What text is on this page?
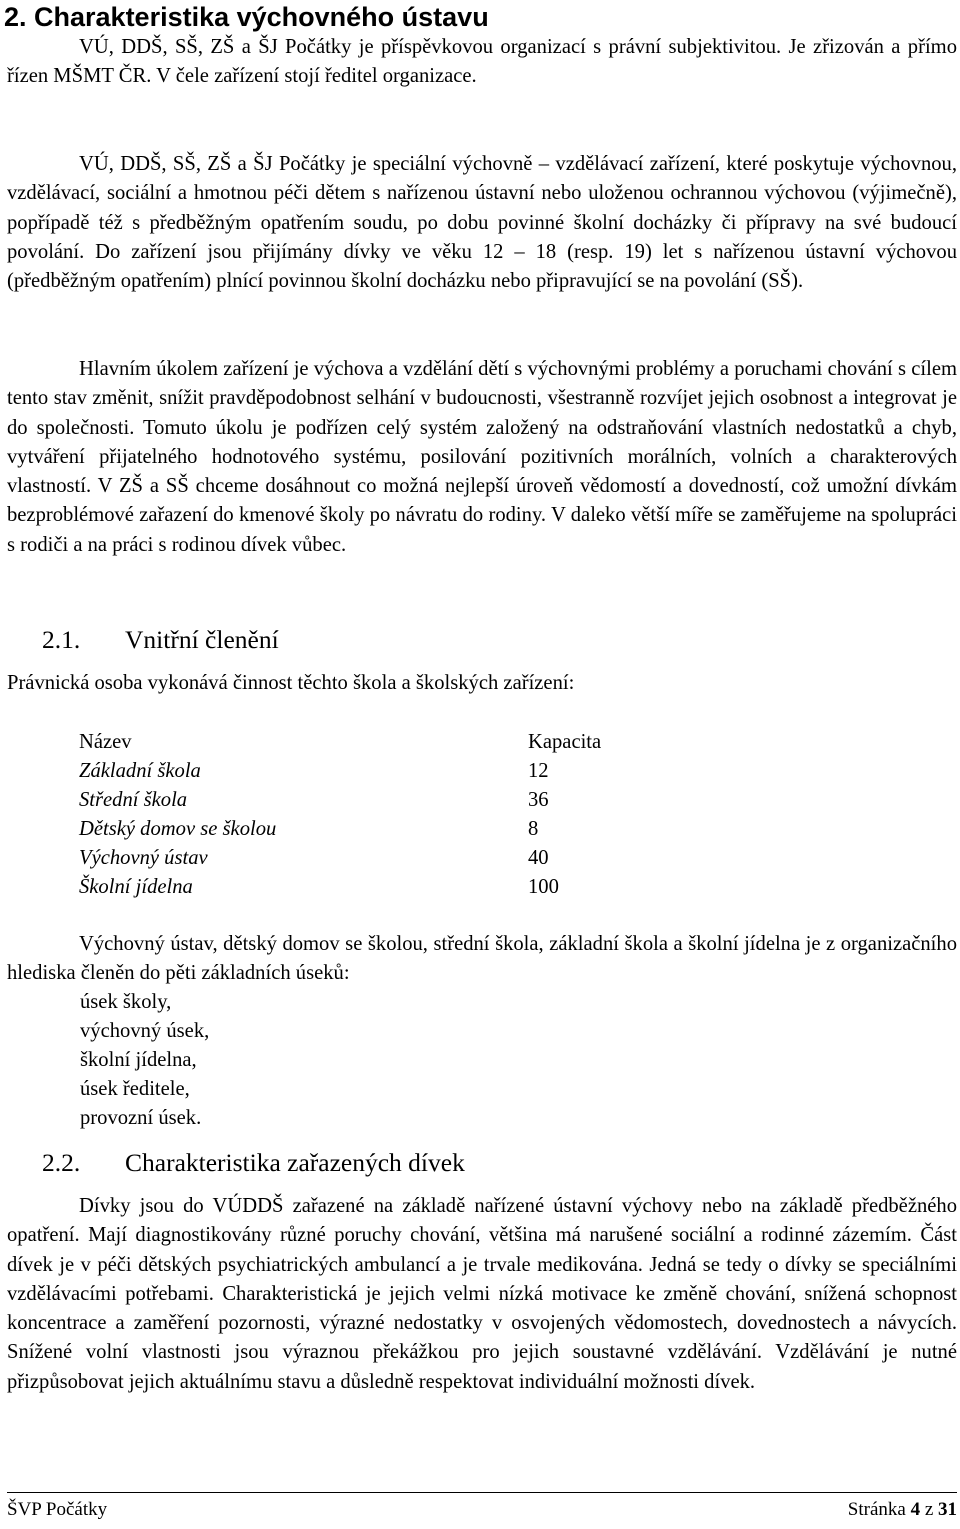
2. Charakteristika výchovného ústavu

VÚ, DDŠ, SŠ, ZŠ a ŠJ Počátky je příspěvkovou organizací s právní subjektivitou. Je zřizován a přímo řízen MŠMT ČR. V čele zařízení stojí ředitel organizace.

VÚ, DDŠ, SŠ, ZŠ a ŠJ Počátky je speciální výchovně – vzdělávací zařízení, které poskytuje výchovnou, vzdělávací, sociální a hmotnou péči dětem s nařízenou ústavní nebo uloženou ochrannou výchovou (výjimečně), popřípadě též s předběžným opatřením soudu, po dobu povinné školní docházky či přípravy na své budoucí povolání. Do zařízení jsou přijímány dívky ve věku 12 – 18 (resp. 19) let s nařízenou ústavní výchovou (předběžným opatřením) plnící povinnou školní docházku nebo připravující se na povolání (SŠ).

Hlavním úkolem zařízení je výchova a vzdělání dětí s výchovnými problémy a poruchami chování s cílem tento stav změnit, snížit pravděpodobnost selhání v budoucnosti, všestranně rozvíjet jejich osobnost a integrovat je do společnosti. Tomuto úkolu je podřízen celý systém založený na odstraňování vlastních nedostatků a chyb, vytváření přijatelného hodnotového systému, posilování pozitivních morálních, volních a charakterových vlastností. V ZŠ a SŠ chceme dosáhnout co možná nejlepší úroveň vědomostí a dovedností, což umožní dívkám bezproblémové zařazení do kmenové školy po návratu do rodiny. V daleko větší míře se zaměřujeme na spolupráci s rodiči a na práci s rodinou dívek vůbec.

2.1. Vnitřní členění
Právnická osoba vykonává činnost těchto škola a školských zařízení:
Název	Kapacita
Základní škola	12
Střední škola	36
Dětský domov se školou	8
Výchovný ústav	40
Školní jídelna	100

Výchovný ústav, dětský domov se školou, střední škola, základní škola a školní jídelna je z organizačního hlediska členěn do pěti základních úseků:

úsek školy,
výchovný úsek,
školní jídelna,
úsek ředitele,
provozní úsek.
2.2. Charakteristika zařazených dívek

Dívky jsou do VÚDDŠ zařazené na základě nařízené ústavní výchovy nebo na základě předběžného opatření. Mají diagnostikovány různé poruchy chování, většina má narušené sociální a rodinné zázemím. Část dívek je v péči dětských psychiatrických ambulancí a je trvale medikována. Jedná se tedy o dívky se speciálními vzdělávacími potřebami. Charakteristická je jejich velmi nízká motivace ke změně chování, snížená schopnost koncentrace a zaměření pozornosti, výrazné nedostatky v osvojených vědomostech, dovednostech a návycích. Snížené volní vlastnosti jsou výraznou překážkou pro jejich soustavné vzdělávání. Vzdělávání je nutné přizpůsobovat jejich aktuálnímu stavu a důsledně respektovat individuální možnosti dívek.

ŠVP Počátky	Stránka 4 z 31
